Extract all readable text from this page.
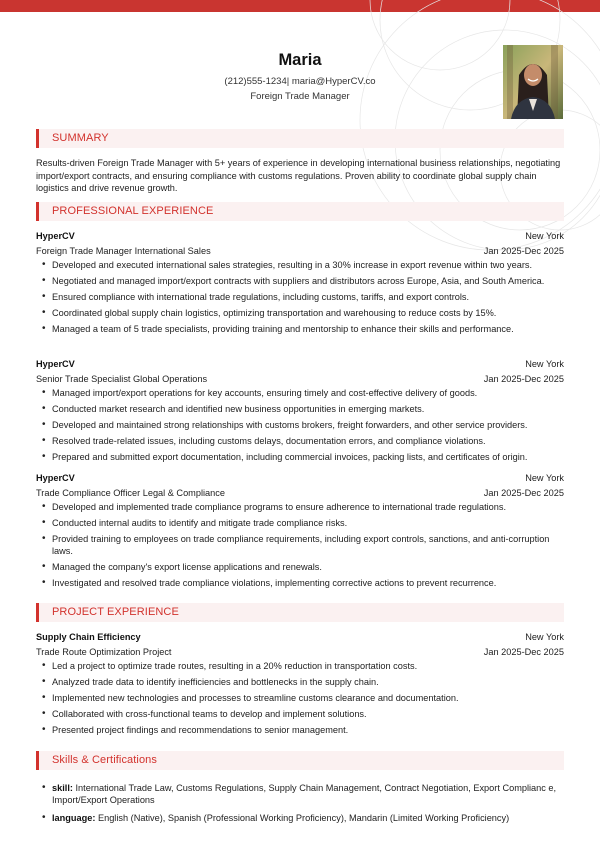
Maria
(212)555-1234| maria@HyperCV.co
Foreign Trade Manager
SUMMARY
Results-driven Foreign Trade Manager with 5+ years of experience in developing international business relationships, negotiating import/export contracts, and ensuring compliance with customs regulations. Proven ability to coordinate global supply chain logistics and drive revenue growth.
PROFESSIONAL EXPERIENCE
HyperCV	New York
Foreign Trade Manager International Sales	Jan 2025-Dec 2025
• Developed and executed international sales strategies, resulting in a 30% increase in export revenue within two years.
• Negotiated and managed import/export contracts with suppliers and distributors across Europe, Asia, and South America.
• Ensured compliance with international trade regulations, including customs, tariffs, and export controls.
• Coordinated global supply chain logistics, optimizing transportation and warehousing to reduce costs by 15%.
• Managed a team of 5 trade specialists, providing training and mentorship to enhance their skills and performance.
HyperCV	New York
Senior Trade Specialist Global Operations	Jan 2025-Dec 2025
• Managed import/export operations for key accounts, ensuring timely and cost-effective delivery of goods.
• Conducted market research and identified new business opportunities in emerging markets.
• Developed and maintained strong relationships with customs brokers, freight forwarders, and other service providers.
• Resolved trade-related issues, including customs delays, documentation errors, and compliance violations.
• Prepared and submitted export documentation, including commercial invoices, packing lists, and certificates of origin.
HyperCV	New York
Trade Compliance Officer Legal & Compliance	Jan 2025-Dec 2025
• Developed and implemented trade compliance programs to ensure adherence to international trade regulations.
• Conducted internal audits to identify and mitigate trade compliance risks.
• Provided training to employees on trade compliance requirements, including export controls, sanctions, and anti-corruption laws.
• Managed the company's export license applications and renewals.
• Investigated and resolved trade compliance violations, implementing corrective actions to prevent recurrence.
PROJECT EXPERIENCE
Supply Chain Efficiency	New York
Trade Route Optimization Project	Jan 2025-Dec 2025
• Led a project to optimize trade routes, resulting in a 20% reduction in transportation costs.
• Analyzed trade data to identify inefficiencies and bottlenecks in the supply chain.
• Implemented new technologies and processes to streamline customs clearance and documentation.
• Collaborated with cross-functional teams to develop and implement solutions.
• Presented project findings and recommendations to senior management.
Skills & Certifications
• skill: International Trade Law, Customs Regulations, Supply Chain Management, Contract Negotiation, Export Complianc e, Import/Export Operations
• language: English (Native), Spanish (Professional Working Proficiency), Mandarin (Limited Working Proficiency)
